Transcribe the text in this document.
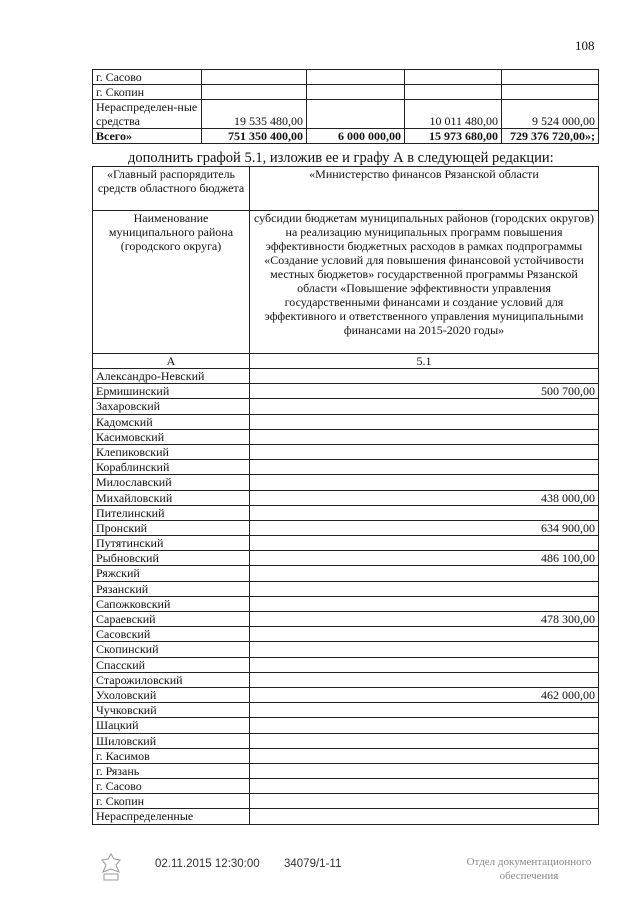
108
г. Сасово				
г. Скопин				
Нераспределен-ные средства	19 535 480,00		10 011 480,00	9 524 000,00
Всего»	751 350 400,00	6 000 000,00	15 973 680,00	729 376 720,00»;
дополнить графой 5.1, изложив ее и графу А в следующей редакции:
«Главный распорядитель средств областного бюджета	«Министерство финансов Рязанской области
Наименование муниципального района (городского округа)	субсидии бюджетам муниципальных районов (городских округов) на реализацию муниципальных программ повышения эффективности бюджетных расходов в рамках подпрограммы «Создание условий для повышения финансовой устойчивости местных бюджетов» государственной программы Рязанской области «Повышение эффективности управления государственными финансами и создание условий для эффективного и ответственного управления муниципальными финансами на 2015-2020 годы»
А	5.1
Александро-Невский	
Ермишинский	500 700,00
Захаровский	
Кадомский	
Касимовский	
Клепиковский	
Кораблинский	
Милославский	
Михайловский	438 000,00
Пителинский	
Пронский	634 900,00
Путятинский	
Рыбновский	486 100,00
Ряжский	
Рязанский	
Сапожковский	
Сараевский	478 300,00
Сасовский	
Скопинский	
Спасский	
Старожиловский	
Ухоловский	462 000,00
Чучковский	
Шацкий	
Шиловский	
г. Касимов	
г. Рязань	
г. Сасово	
г. Скопин	
Нераспределенные	
02.11.2015 12:30:00 34079/1-11	Отдел документационного
обеспечения
